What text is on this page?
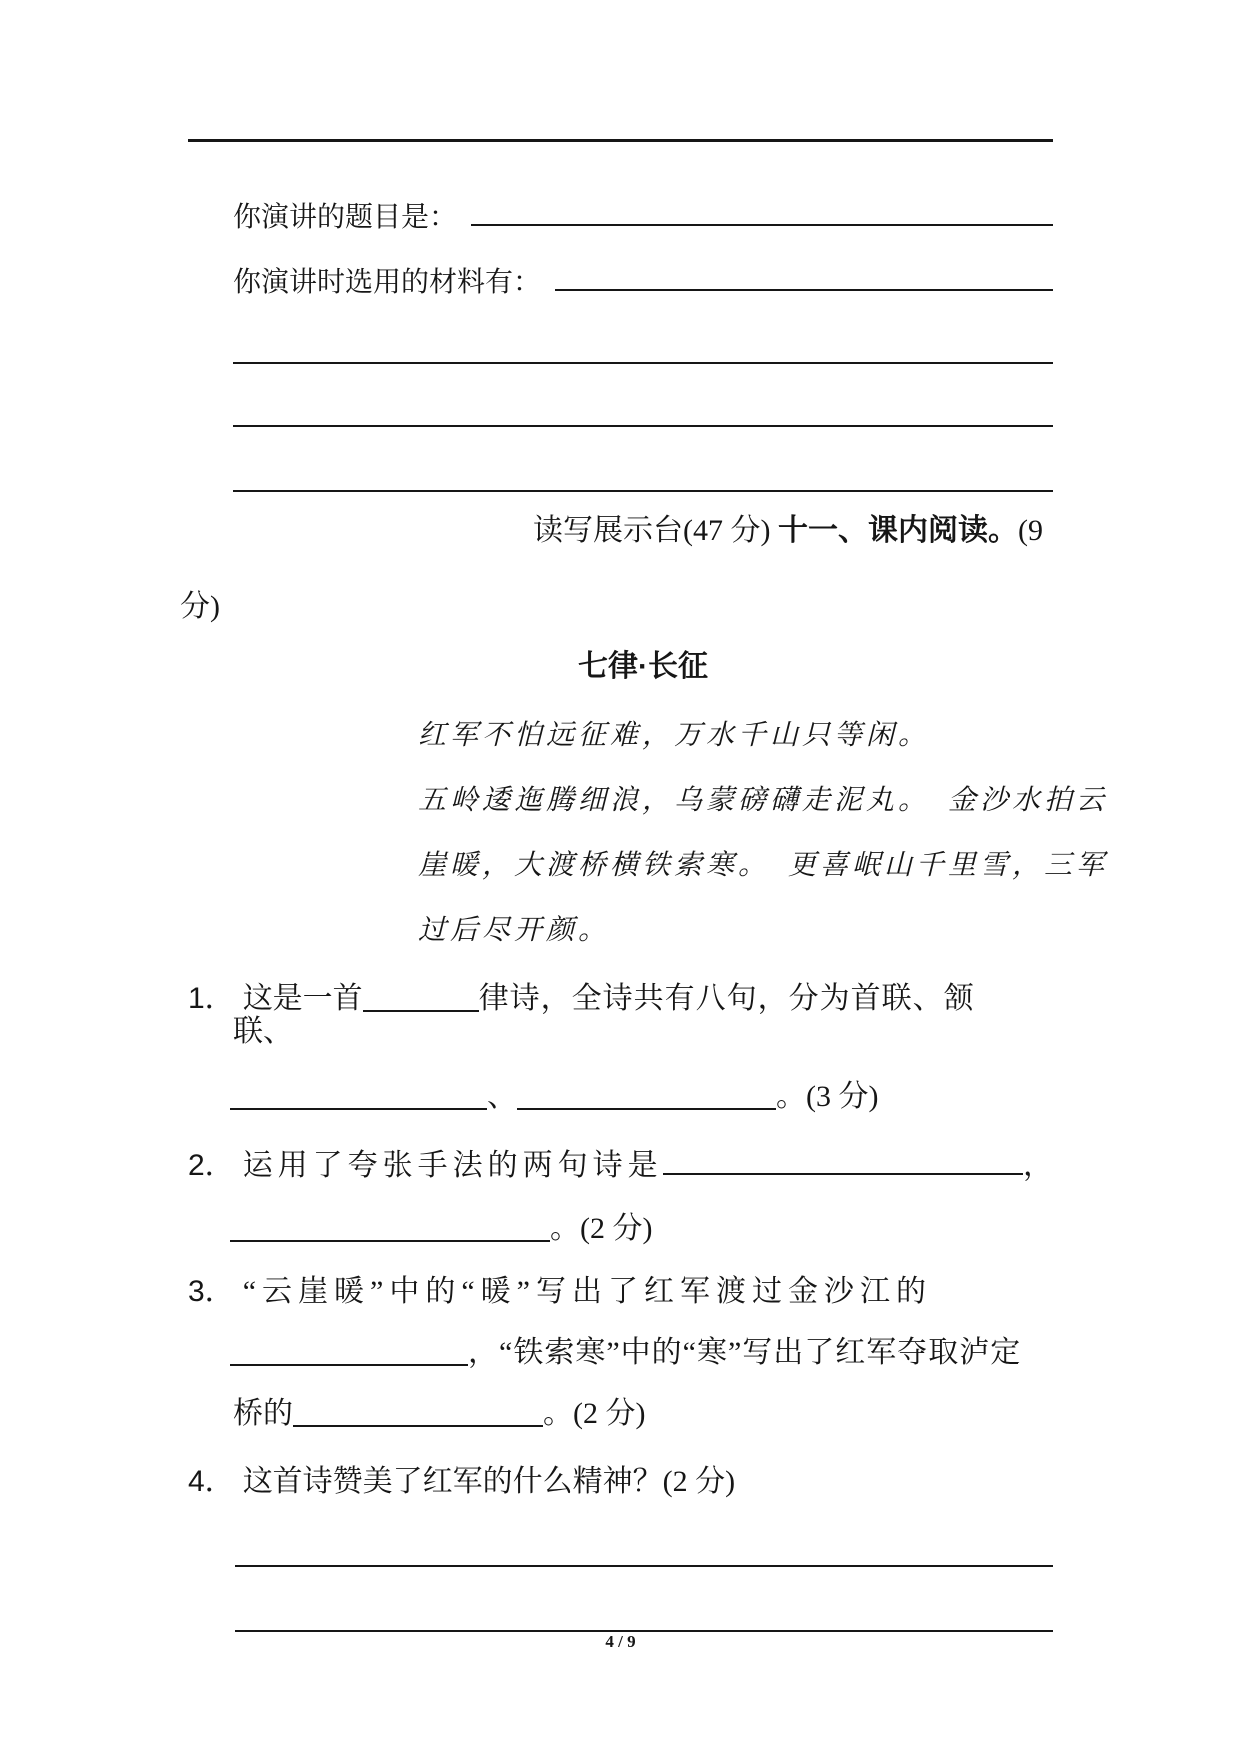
你演讲的题目是：
你演讲时选用的材料有：
读写展示台(47 分) 十一、课内阅读。(9
分)
七律·长征
红军不怕远征难，万水千山只等闲。
五岭逶迤腾细浪，乌蒙磅礴走泥丸。　金沙水拍云
崖暖，大渡桥横铁索寒。　更喜岷山千里雪，三军
过后尽开颜。
1． 这是一首	律诗，全诗共有八句，分为首联、颔
联、
、	。(3 分)
2． 运用了夸张手法的两句诗是	，
。(2 分)
3． “云崖暖”中的“暖”写出了红军渡过金沙江的
，“铁索寒”中的“寒”写出了红军夺取泸定
桥的	。(2 分)
4． 这首诗赞美了红军的什么精神？(2 分)
4 / 9
